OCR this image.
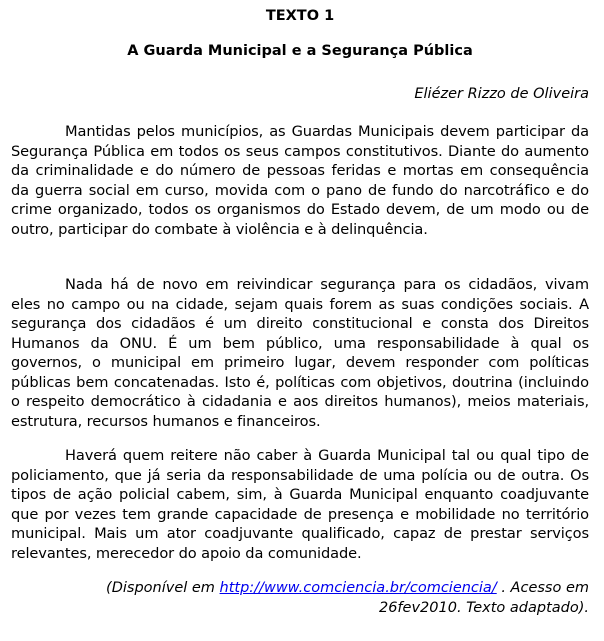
TEXTO 1
A Guarda Municipal e a Segurança Pública
Eliézer Rizzo de Oliveira

Mantidas pelos municípios, as Guardas Municipais devem participar da Segurança Pública em todos os seus campos constitutivos. Diante do aumento da criminalidade e do número de pessoas feridas e mortas em consequência da guerra social em curso, movida com o pano de fundo do narcotráfico e do crime organizado, todos os organismos do Estado devem, de um modo ou de outro, participar do combate à violência e à delinquência.

Nada há de novo em reivindicar segurança para os cidadãos, vivam eles no campo ou na cidade, sejam quais forem as suas condições sociais. A segurança dos cidadãos é um direito constitucional e consta dos Direitos Humanos da ONU. É um bem público, uma responsabilidade à qual os governos, o municipal em primeiro lugar, devem responder com políticas públicas bem concatenadas. Isto é, políticas com objetivos, doutrina (incluindo o respeito democrático à cidadania e aos direitos humanos), meios materiais, estrutura, recursos humanos e financeiros.

Haverá quem reitere não caber à Guarda Municipal tal ou qual tipo de policiamento, que já seria da responsabilidade de uma polícia ou de outra. Os tipos de ação policial cabem, sim, à Guarda Municipal enquanto coadjuvante que por vezes tem grande capacidade de presença e mobilidade no território municipal. Mais um ator coadjuvante qualificado, capaz de prestar serviços relevantes, merecedor do apoio da comunidade.

(Disponível em http://www.comciencia.br/comciencia/ . Acesso em 26fev2010. Texto adaptado).
